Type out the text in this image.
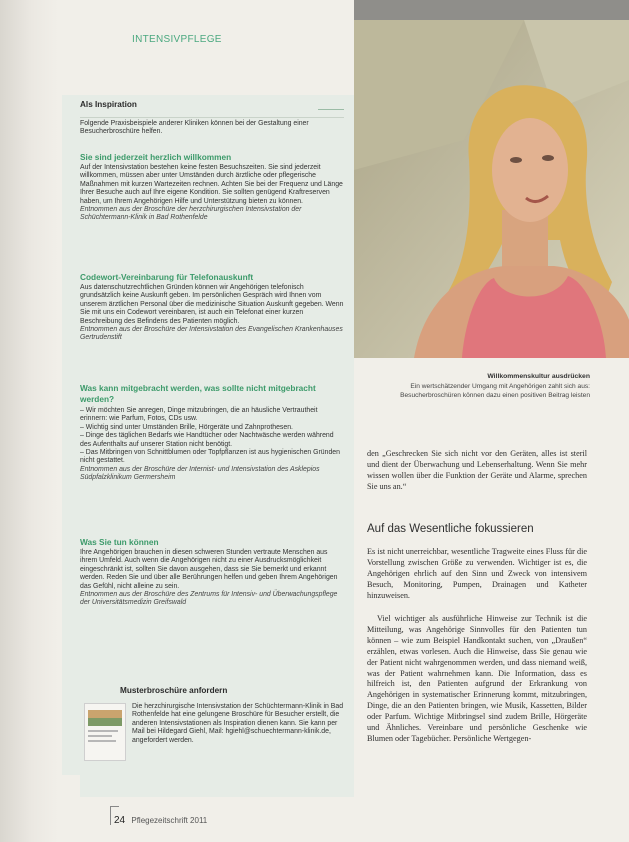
INTENSIVPFLEGE
Als Inspiration
Folgende Praxisbeispiele anderer Kliniken können bei der Gestaltung einer Besucherbroschüre helfen.
Sie sind jederzeit herzlich willkommen
Auf der Intensivstation bestehen keine festen Besuchszeiten. Sie sind jederzeit willkommen, müssen aber unter Umständen durch ärztliche oder pflegerische Maßnahmen mit kurzen Wartezeiten rechnen. Achten Sie bei der Frequenz und Länge Ihrer Besuche auch auf Ihre eigene Kondition. Sie sollten genügend Kraftreserven haben, um Ihrem Angehörigen Hilfe und Unterstützung bieten zu können.
Entnommen aus der Broschüre der herzchirurgischen Intensivstation der Schüchtermann-Klinik in Bad Rothenfelde
Codewort-Vereinbarung für Telefonauskunft
Aus datenschutzrechtlichen Gründen können wir Angehörigen telefonisch grundsätzlich keine Auskunft geben. Im persönlichen Gespräch wird Ihnen vom unserem ärztlichen Personal über die medizinische Situation Auskunft gegeben. Wenn Sie mit uns ein Codewort vereinbaren, ist auch ein Telefonat einer kurzen Beschreibung des Befindens des Patienten möglich.
Entnommen aus der Broschüre der Intensivstation des Evangelischen Krankenhauses Gertrudenstift
Was kann mitgebracht werden, was sollte nicht mitgebracht werden?
– Wir möchten Sie anregen, Dinge mitzubringen, die an häusliche Vertrautheit erinnern: wie Parfum, Fotos, CDs usw.
– Wichtig sind unter Umständen Brille, Hörgeräte und Zahnprothesen.
– Dinge des täglichen Bedarfs wie Handtücher oder Nachtwäsche werden während des Aufenthalts auf unserer Station nicht benötigt.
– Das Mitbringen von Schnittblumen oder Topfpflanzen ist aus hygienischen Gründen nicht gestattet.
Entnommen aus der Broschüre der Internist- und Intensivstation des Asklepios Südpfalzklinikum Germersheim
Was Sie tun können
Ihre Angehörigen brauchen in diesen schweren Stunden vertraute Menschen aus ihrem Umfeld. Auch wenn die Angehörigen nicht zu einer Ausdrucksmöglichkeit eingeschränkt ist, sollten Sie davon ausgehen, dass sie Sie bemerkt und erkannt werden. Reden Sie und über alle Berührungen helfen und geben Ihrem Angehörigen das Gefühl, nicht alleine zu sein.
Entnommen aus der Broschüre des Zentrums für Intensiv- und Überwachungspflege der Universitätsmedizin Greifswald
Willkommenskultur ausdrücken
Ein wertschätzender Umgang mit Angehörigen zahlt sich aus: Besucherbroschüren können dazu einen positiven Beitrag leisten
den „Geschrecken Sie sich nicht vor den Geräten, alles ist steril und dient der Überwachung und Lebenserhaltung. Wenn Sie mehr wissen wollen über die Funktion der Geräte und Alarme, sprechen Sie uns an.“
Auf das Wesentliche fokussieren
Es ist nicht unerreichbar, wesentliche Tragweite eines Fluss für die Vorstellung zwischen Größe zu verwenden. Wichtiger ist es, die Angehörigen ehrlich auf den Sinn und Zweck von intensivem Besuch, Monitoring, Pumpen, Drainagen und Katheter hinzuweisen.
Viel wichtiger als ausführliche Hinweise zur Technik ist die Mitteilung, was Angehörige Sinnvolles für den Patienten tun können – wie zum Beispiel Handkontakt suchen, von „Draußen“ erzählen, etwas vorlesen. Auch die Hinweise, dass Sie genau wie der Patient nicht wahrgenommen werden, und dass niemand weiß, was der Patient wahrnehmen kann. Die Information, dass es hilfreich ist, den Patienten aufgrund der Erkrankung von Angehörigen in systematischer Erinnerung kommt, mitzubringen, Dinge, die an den Patienten bringen, wie Musik, Kassetten, Bilder oder Parfum. Wichtige Mitbringsel sind zudem Brille, Hörgeräte und Ähnliches. Vereinbare und persönliche Geschenke wie Blumen oder Tagebücher. Persönliche Wertgegen-
Musterbroschüre anfordern
Die herzchirurgische Intensivstation der Schüchtermann-Klinik in Bad Rothenfelde hat eine gelungene Broschüre für Besucher erstellt, die anderen Intensivstationen als Inspiration dienen kann. Sie kann per Mail bei Hildegard Giehl, Mail: hgiehl@schuechtermann-klinik.de, angefordert werden.
24 Pflegezeitschrift 2011
